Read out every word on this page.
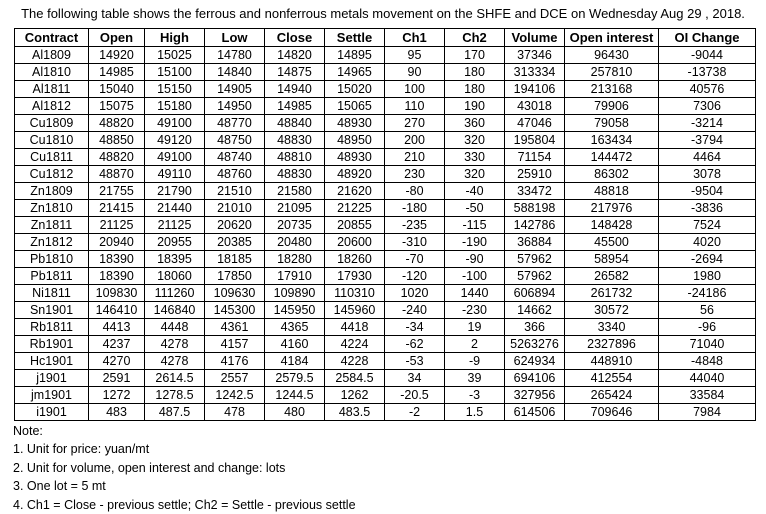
The following table shows the ferrous and nonferrous metals movement on the SHFE and DCE on Wednesday Aug 29 , 2018.
Contract	Open	High	Low	Close	Settle	Ch1	Ch2	Volume	Open interest	OI Change
Al1809	14920	15025	14780	14820	14895	95	170	37346	96430	-9044
Al1810	14985	15100	14840	14875	14965	90	180	313334	257810	-13738
Al1811	15040	15150	14905	14940	15020	100	180	194106	213168	40576
Al1812	15075	15180	14950	14985	15065	110	190	43018	79906	7306
Cu1809	48820	49100	48770	48840	48930	270	360	47046	79058	-3214
Cu1810	48850	49120	48750	48830	48950	200	320	195804	163434	-3794
Cu1811	48820	49100	48740	48810	48930	210	330	71154	144472	4464
Cu1812	48870	49110	48760	48830	48920	230	320	25910	86302	3078
Zn1809	21755	21790	21510	21580	21620	-80	-40	33472	48818	-9504
Zn1810	21415	21440	21010	21095	21225	-180	-50	588198	217976	-3836
Zn1811	21125	21125	20620	20735	20855	-235	-115	142786	148428	7524
Zn1812	20940	20955	20385	20480	20600	-310	-190	36884	45500	4020
Pb1810	18390	18395	18185	18280	18260	-70	-90	57962	58954	-2694
Pb1811	18390	18060	17850	17910	17930	-120	-100	57962	26582	1980
Ni1811	109830	111260	109630	109890	110310	1020	1440	606894	261732	-24186
Sn1901	146410	146840	145300	145950	145960	-240	-230	14662	30572	56
Rb1811	4413	4448	4361	4365	4418	-34	19	366	3340	-96
Rb1901	4237	4278	4157	4160	4224	-62	2	5263276	2327896	71040
Hc1901	4270	4278	4176	4184	4228	-53	-9	624934	448910	-4848
j1901	2591	2614.5	2557	2579.5	2584.5	34	39	694106	412554	44040
jm1901	1272	1278.5	1242.5	1244.5	1262	-20.5	-3	327956	265424	33584
i1901	483	487.5	478	480	483.5	-2	1.5	614506	709646	7984
Note:
1. Unit for price: yuan/mt
2. Unit for volume, open interest and change: lots
3. One lot = 5 mt
4. Ch1 = Close - previous settle; Ch2 = Settle - previous settle
